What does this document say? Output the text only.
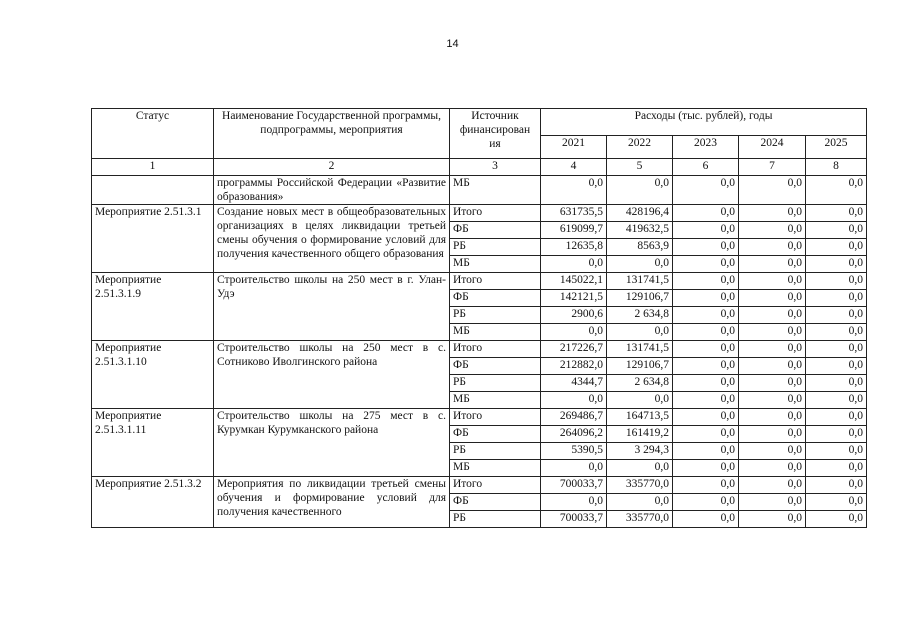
14
Статус	Наименование Государственной программы, подпрограммы, мероприятия	Источник финансирован ия	Расходы (тыс. рублей), годы				
			2021	2022	2023	2024	2025
1	2	3	4	5	6	7	8
	программы Российской Федерации «Развитие образования»	МБ	0,0	0,0	0,0	0,0	0,0
Мероприятие 2.51.3.1	Создание новых мест в общеобразовательных организациях в целях ликвидации третьей смены обучения о формирование условий для получения качественного общего образования	Итого	631735,5	428196,4	0,0	0,0	0,0
		ФБ	619099,7	419632,5	0,0	0,0	0,0
		РБ	12635,8	8563,9	0,0	0,0	0,0
		МБ	0,0	0,0	0,0	0,0	0,0
Мероприятие 2.51.3.1.9	Строительство школы на 250 мест в г. Улан-Удэ	Итого	145022,1	131741,5	0,0	0,0	0,0
		ФБ	142121,5	129106,7	0,0	0,0	0,0
		РБ	2900,6	2 634,8	0,0	0,0	0,0
		МБ	0,0	0,0	0,0	0,0	0,0
Мероприятие 2.51.3.1.10	Строительство школы на 250 мест в с. Сотниково Иволгинского района	Итого	217226,7	131741,5	0,0	0,0	0,0
		ФБ	212882,0	129106,7	0,0	0,0	0,0
		РБ	4344,7	2 634,8	0,0	0,0	0,0
		МБ	0,0	0,0	0,0	0,0	0,0
Мероприятие 2.51.3.1.11	Строительство школы на 275 мест в с. Курумкан Курумканского района	Итого	269486,7	164713,5	0,0	0,0	0,0
		ФБ	264096,2	161419,2	0,0	0,0	0,0
		РБ	5390,5	3 294,3	0,0	0,0	0,0
		МБ	0,0	0,0	0,0	0,0	0,0
Мероприятие 2.51.3.2	Мероприятия по ликвидации третьей смены обучения и формирование условий для получения качественного	Итого	700033,7	335770,0	0,0	0,0	0,0
		ФБ	0,0	0,0	0,0	0,0	0,0
		РБ	700033,7	335770,0	0,0	0,0	0,0
